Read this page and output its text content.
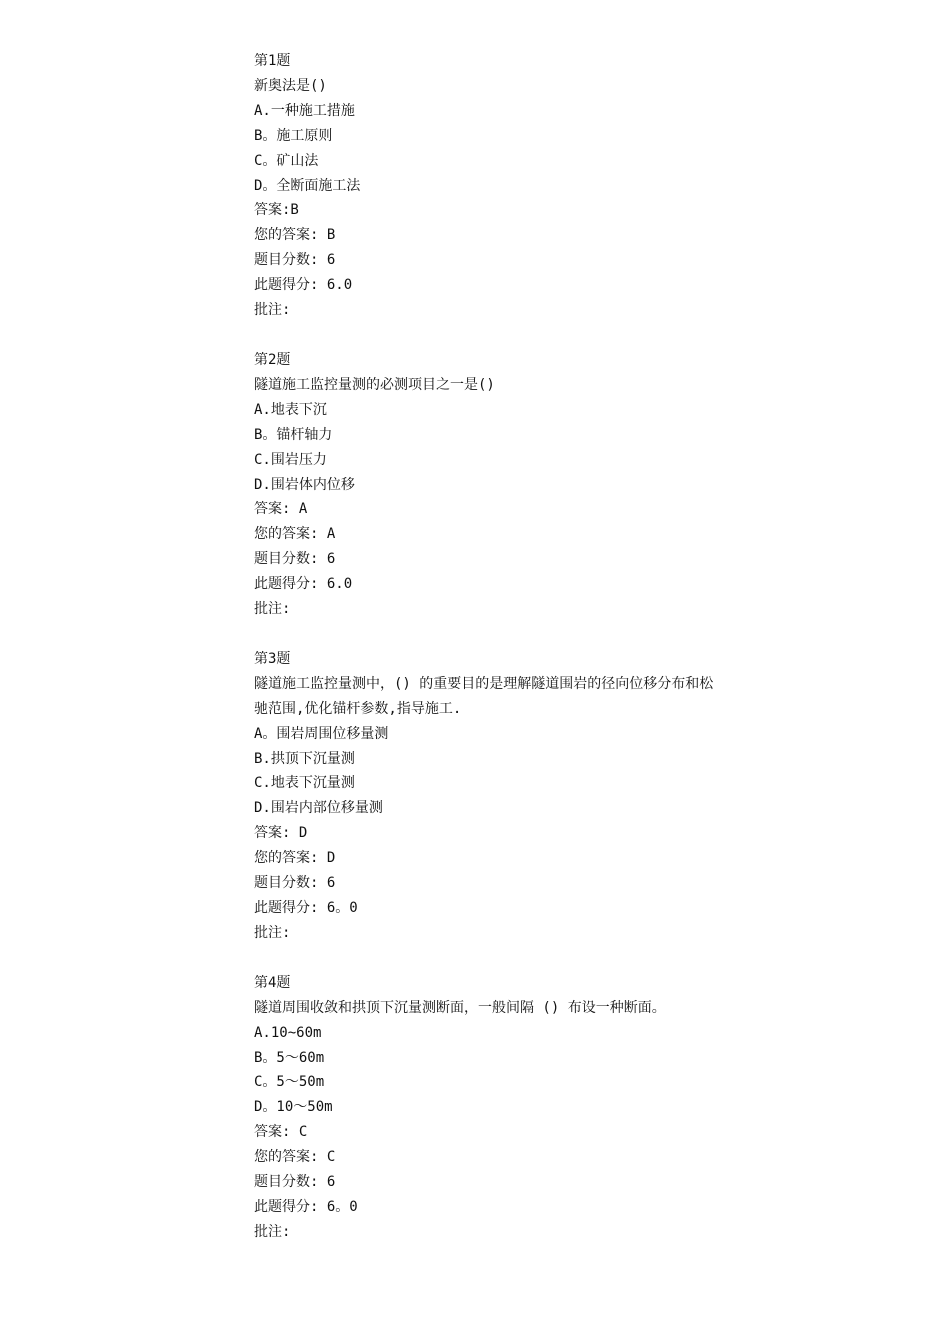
第1题
新奥法是()
A.一种施工措施
B。施工原则
C。矿山法
D。全断面施工法
答案:B
您的答案: B
题目分数: 6
此题得分: 6.0
批注:
第2题
隧道施工监控量测的必测项目之一是()
A.地表下沉
B。锚杆轴力
C.围岩压力
D.围岩体内位移
答案: A
您的答案: A
题目分数: 6
此题得分: 6.0
批注:
第3题
隧道施工监控量测中，() 的重要目的是理解隧道围岩的径向位移分布和松驰范围,优化锚杆参数,指导施工.
A。围岩周围位移量测
B.拱顶下沉量测
C.地表下沉量测
D.围岩内部位移量测
答案: D
您的答案: D
题目分数: 6
此题得分: 6。0
批注:
第4题
隧道周围收敛和拱顶下沉量测断面，一般间隔 () 布设一种断面。
A.10~60m
B。5～60m
C。5～50m
D。10～50m
答案: C
您的答案: C
题目分数: 6
此题得分: 6。0
批注:
